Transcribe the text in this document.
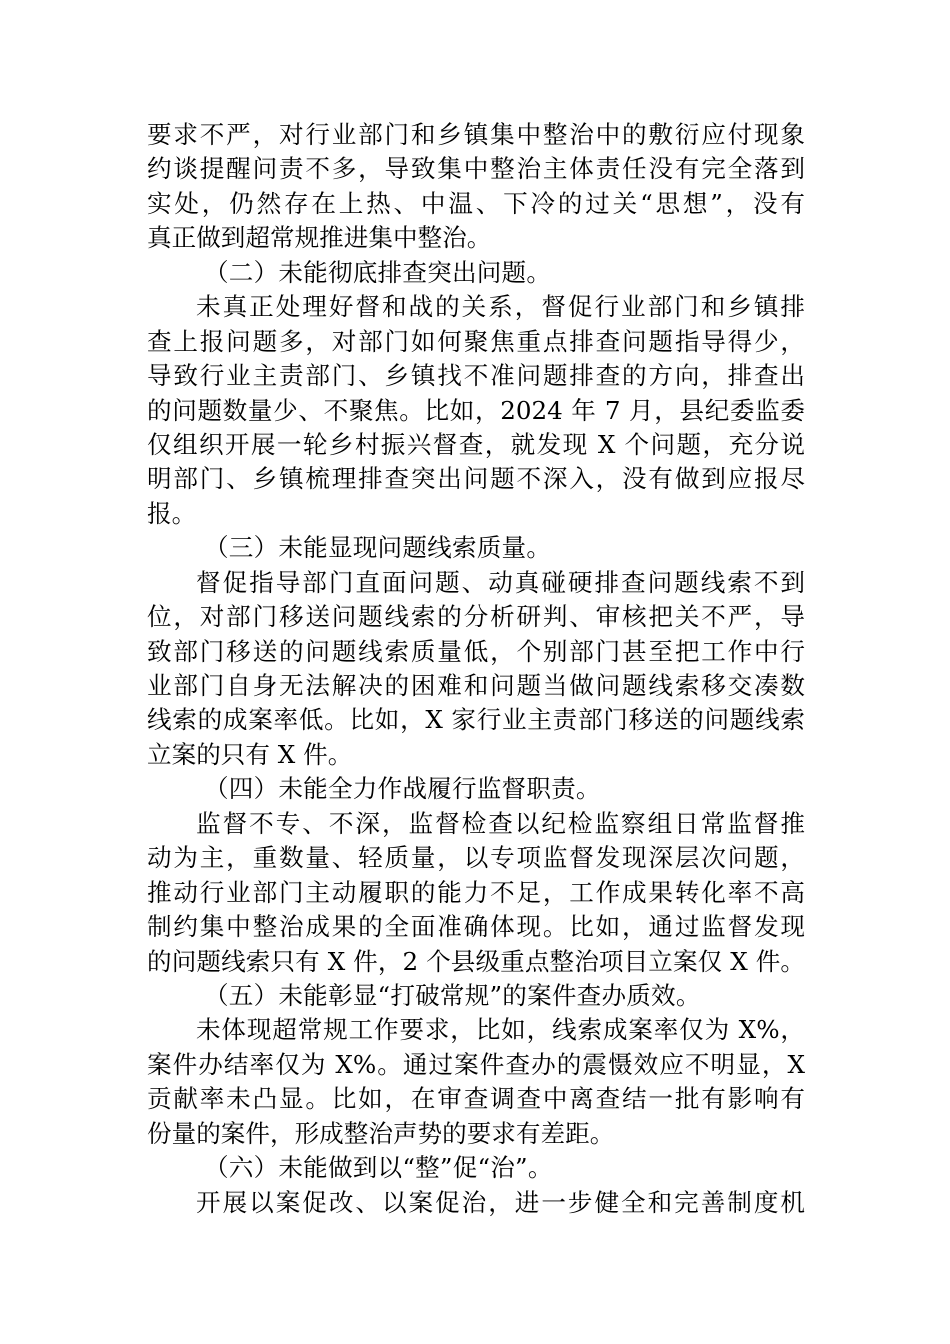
要求不严，对行业部门和乡镇集中整治中的敷衍应付现象
约谈提醒问责不多，导致集中整治主体责任没有完全落到
实处，仍然存在上热、中温、下冷的过关“思想”，没有
真正做到超常规推进集中整治。
（二）未能彻底排查突出问题。
未真正处理好督和战的关系，督促行业部门和乡镇排
查上报问题多，对部门如何聚焦重点排查问题指导得少，
导致行业主责部门、乡镇找不准问题排查的方向，排查出
的问题数量少、不聚焦。比如，2024 年 7 月，县纪委监委
仅组织开展一轮乡村振兴督查，就发现 X 个问题，充分说
明部门、乡镇梳理排查突出问题不深入，没有做到应报尽
报。
（三）未能显现问题线索质量。
督促指导部门直面问题、动真碰硬排查问题线索不到
位，对部门移送问题线索的分析研判、审核把关不严，导
致部门移送的问题线索质量低，个别部门甚至把工作中行
业部门自身无法解决的困难和问题当做问题线索移交凑数
线索的成案率低。比如，X 家行业主责部门移送的问题线索
立案的只有 X 件。
（四）未能全力作战履行监督职责。
监督不专、不深，监督检查以纪检监察组日常监督推
动为主，重数量、轻质量，以专项监督发现深层次问题，
推动行业部门主动履职的能力不足，工作成果转化率不高
制约集中整治成果的全面准确体现。比如，通过监督发现
的问题线索只有 X 件，2 个县级重点整治项目立案仅 X 件。
（五）未能彰显“打破常规”的案件查办质效。
未体现超常规工作要求，比如，线索成案率仅为 X%，
案件办结率仅为 X%。通过案件查办的震慑效应不明显，X
贡献率未凸显。比如，在审查调查中离查结一批有影响有
份量的案件，形成整治声势的要求有差距。
（六）未能做到以“整”促“治”。
开展以案促改、以案促治，进一步健全和完善制度机
